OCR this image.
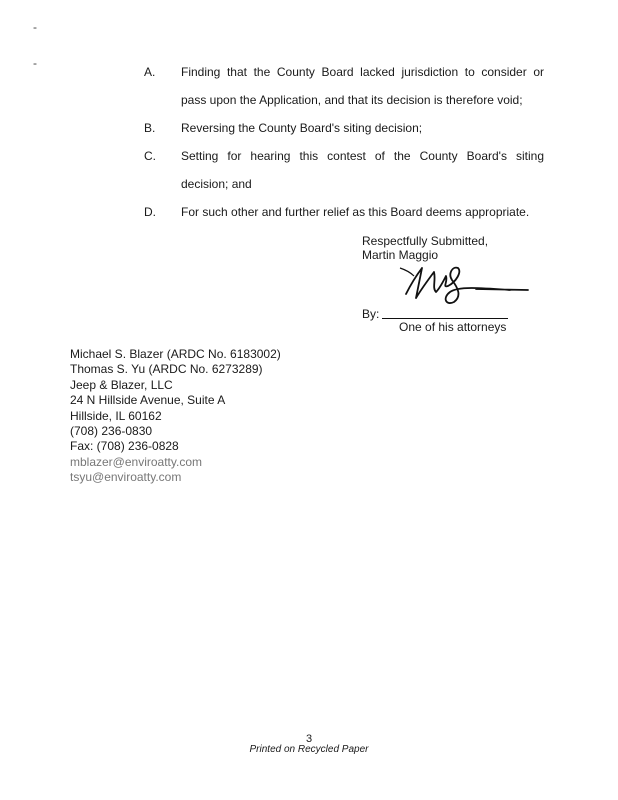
-
-
A. Finding that the County Board lacked jurisdiction to consider or
pass upon the Application, and that its decision is therefore void;
B. Reversing the County Board's siting decision;
C. Setting for hearing this contest of the County Board's siting
decision; and
D. For such other and further relief as this Board deems appropriate.
Respectfully Submitted,
Martin Maggio
By:
One of his attorneys
Michael S. Blazer (ARDC No. 6183002)
Thomas S. Yu (ARDC No. 6273289)
Jeep & Blazer, LLC
24 N Hillside Avenue, Suite A
Hillside, IL 60162
(708) 236-0830
Fax: (708) 236-0828
mblazer@enviroatty.com
tsyu@enviroatty.com
3
Printed on Recycled Paper
